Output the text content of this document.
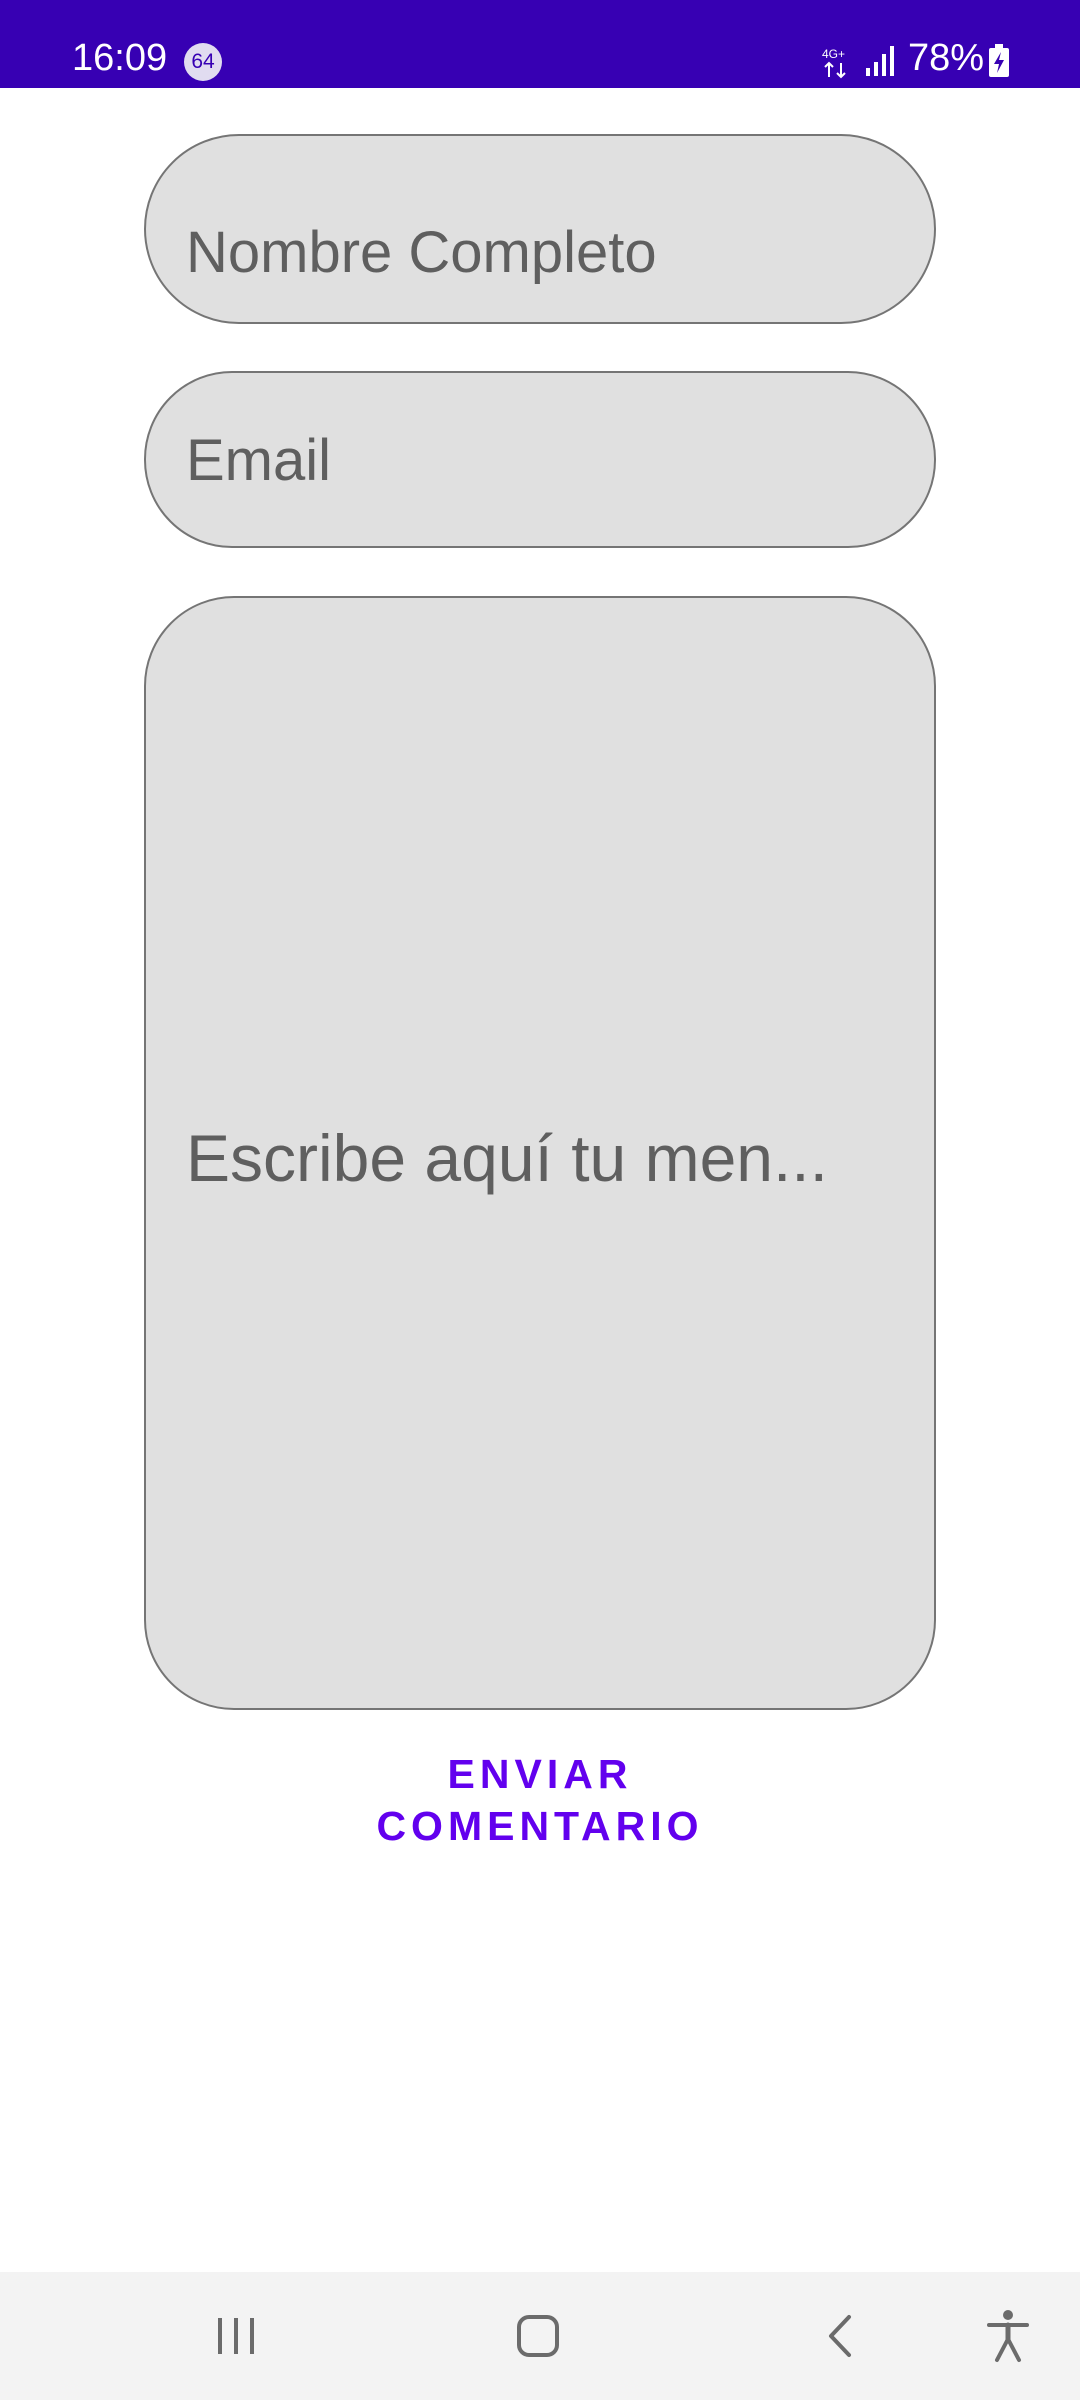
16:09	64	4G+ 78%
Nombre Completo
Email
Escribe aquí tu men...
ENVIAR
COMENTARIO
